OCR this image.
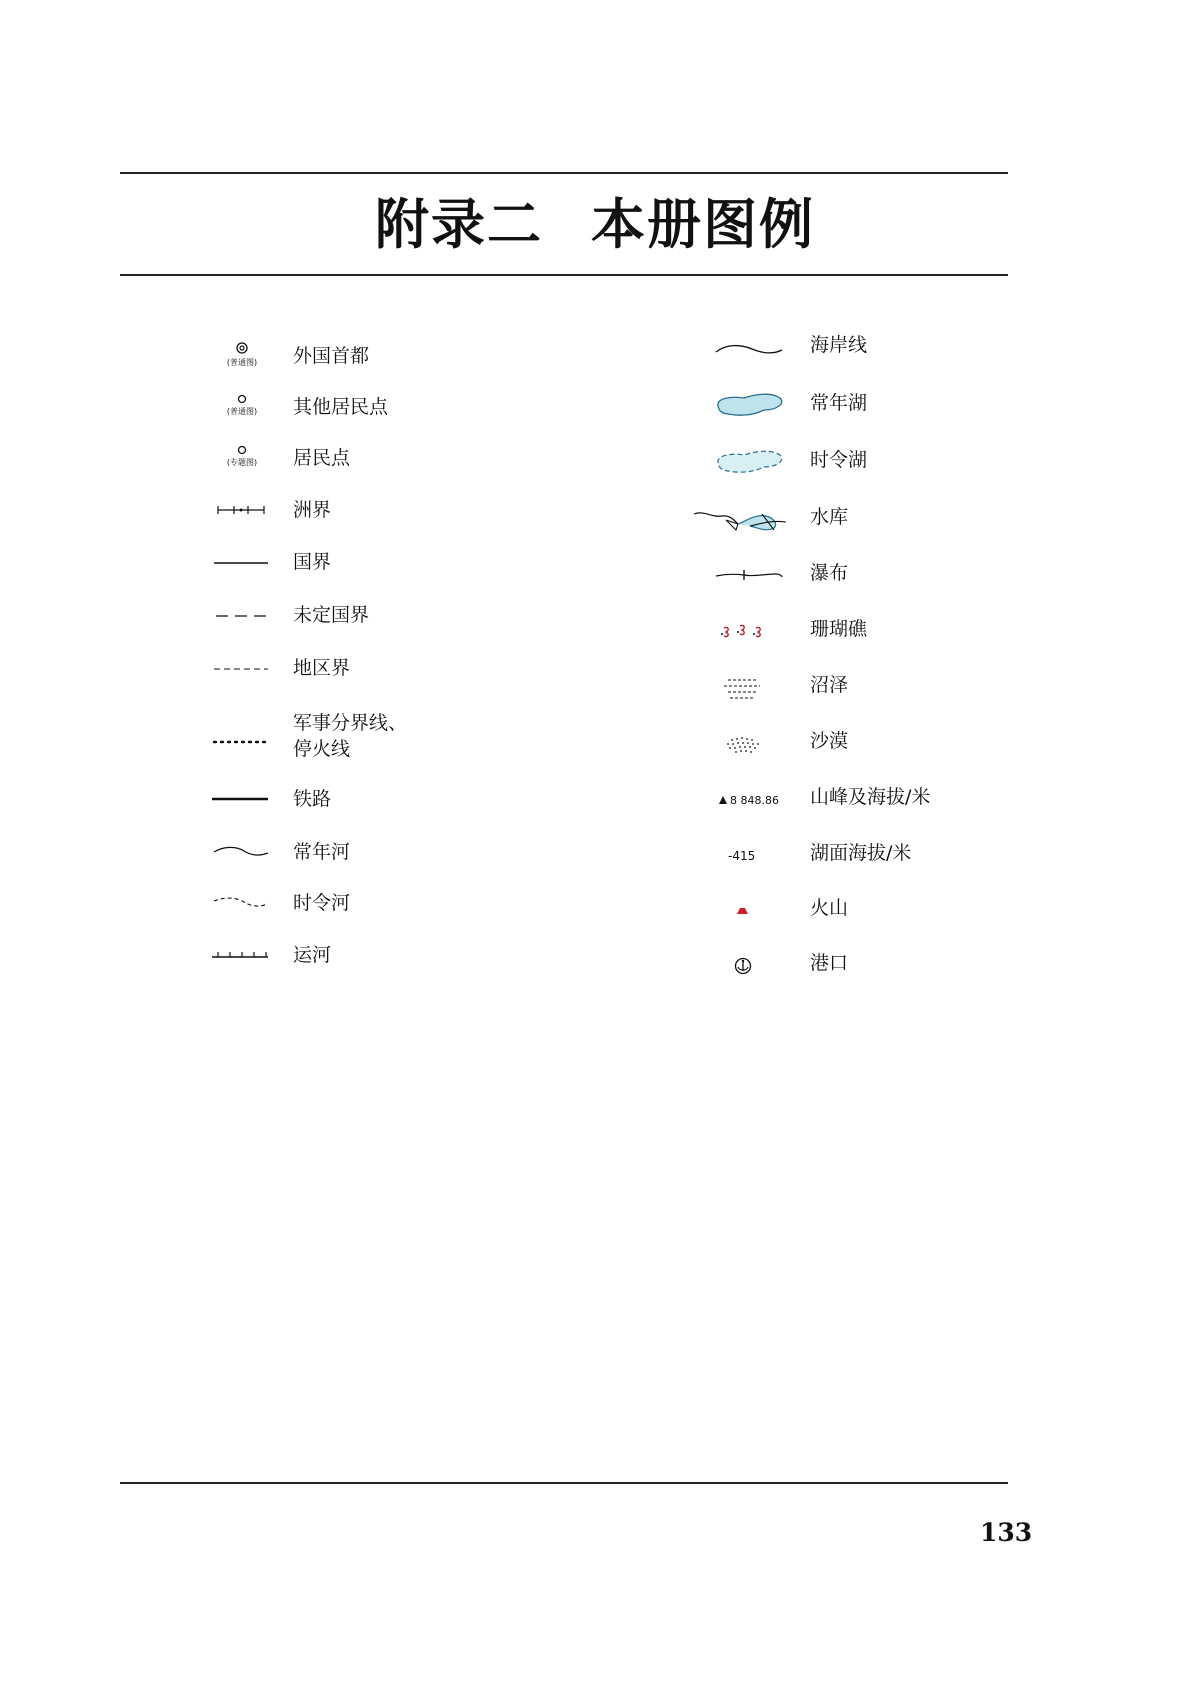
附录二 本册图例
(普通图) 外国首都
(普通图) 其他居民点
(专题图) 居民点
洲界
国界
未定国界
地区界
军事分界线、
停火线
铁路
常年河
时令河
运河
海岸线
常年湖
时令湖
水库
瀑布
珊瑚礁
沼泽
沙漠
8 848.86 山峰及海拔/米
-415	湖面海拔/米
火山
港口
133
